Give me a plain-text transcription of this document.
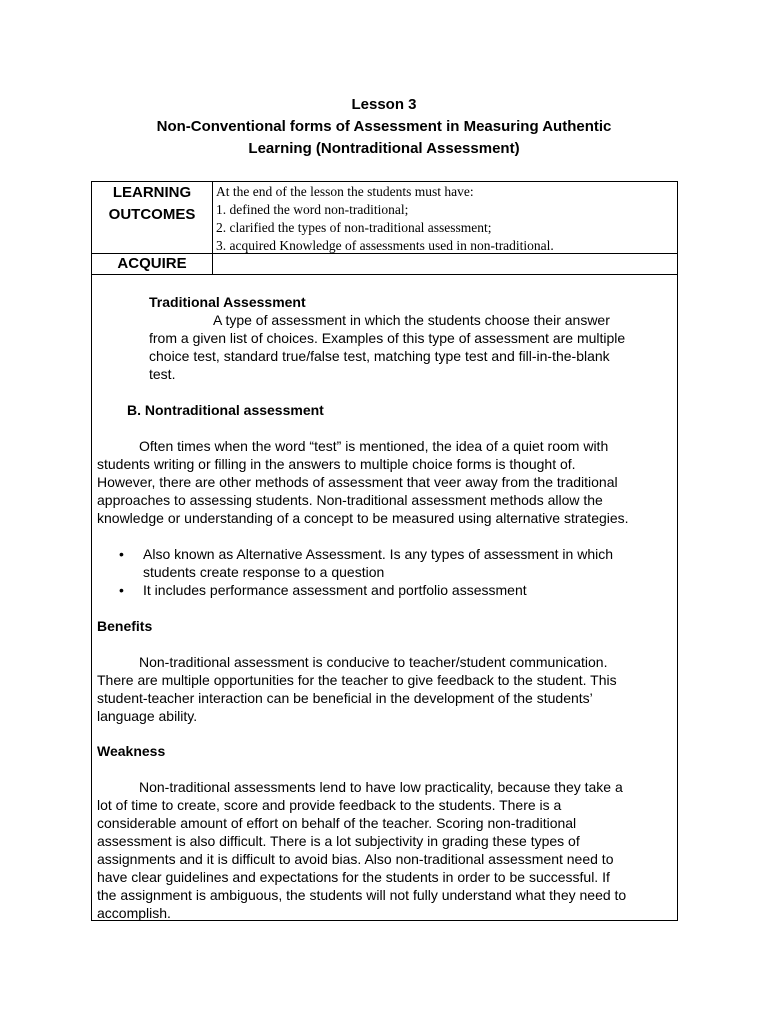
Lesson 3
Non-Conventional forms of Assessment in Measuring Authentic
Learning (Nontraditional Assessment)
LEARNING
OUTCOMES
ACQUIRE
At the end of the lesson the students must have:
1. defined the word non-traditional;
2. clarified the types of non-traditional assessment;
3. acquired Knowledge of assessments used in non-traditional.
Traditional Assessment
A type of assessment in which the students choose their answer
from a given list of choices. Examples of this type of assessment are multiple
choice test, standard true/false test, matching type test and fill-in-the-blank
test.
B. Nontraditional assessment
Often times when the word “test” is mentioned, the idea of a quiet room with
students writing or filling in the answers to multiple choice forms is thought of.
However, there are other methods of assessment that veer away from the traditional
approaches to assessing students. Non-traditional assessment methods allow the
knowledge or understanding of a concept to be measured using alternative strategies.
• Also known as Alternative Assessment. Is any types of assessment in which
students create response to a question
• It includes performance assessment and portfolio assessment
Benefits
Non-traditional assessment is conducive to teacher/student communication.
There are multiple opportunities for the teacher to give feedback to the student. This
student-teacher interaction can be beneficial in the development of the students’
language ability.
Weakness
Non-traditional assessments lend to have low practicality, because they take a
lot of time to create, score and provide feedback to the students. There is a
considerable amount of effort on behalf of the teacher. Scoring non-traditional
assessment is also difficult. There is a lot subjectivity in grading these types of
assignments and it is difficult to avoid bias. Also non-traditional assessment need to
have clear guidelines and expectations for the students in order to be successful. If
the assignment is ambiguous, the students will not fully understand what they need to
accomplish.
